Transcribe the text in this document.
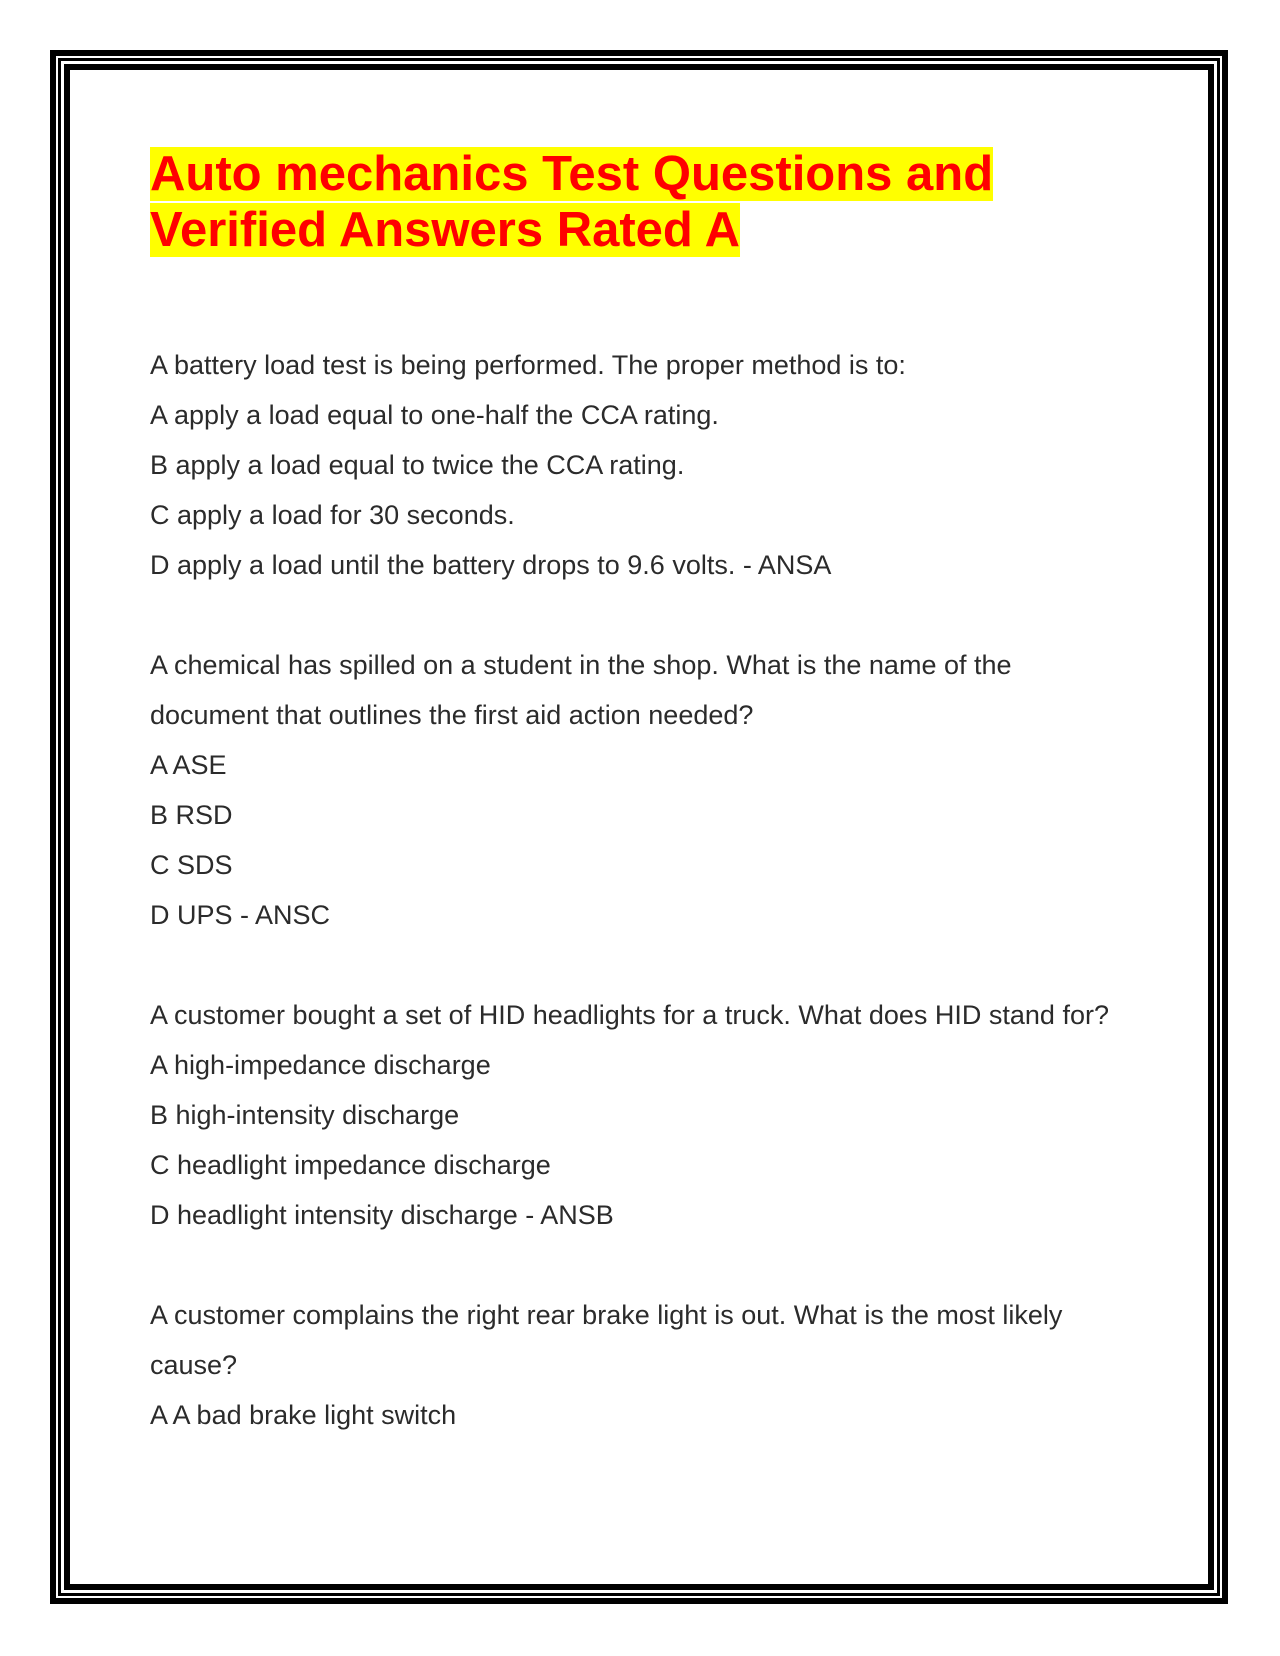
Auto mechanics Test Questions and
Verified Answers Rated A

A battery load test is being performed. The proper method is to:

A apply a load equal to one-half the CCA rating.

B apply a load equal to twice the CCA rating.

C apply a load for 30 seconds.

D apply a load until the battery drops to 9.6 volts. - ANSA

A chemical has spilled on a student in the shop. What is the name of the document that outlines the first aid action needed?

A ASE

B RSD

C SDS

D UPS - ANSC

A customer bought a set of HID headlights for a truck. What does HID stand for?

A high-impedance discharge

B high-intensity discharge

C headlight impedance discharge

D headlight intensity discharge - ANSB

A customer complains the right rear brake light is out. What is the most likely cause?

A A bad brake light switch
